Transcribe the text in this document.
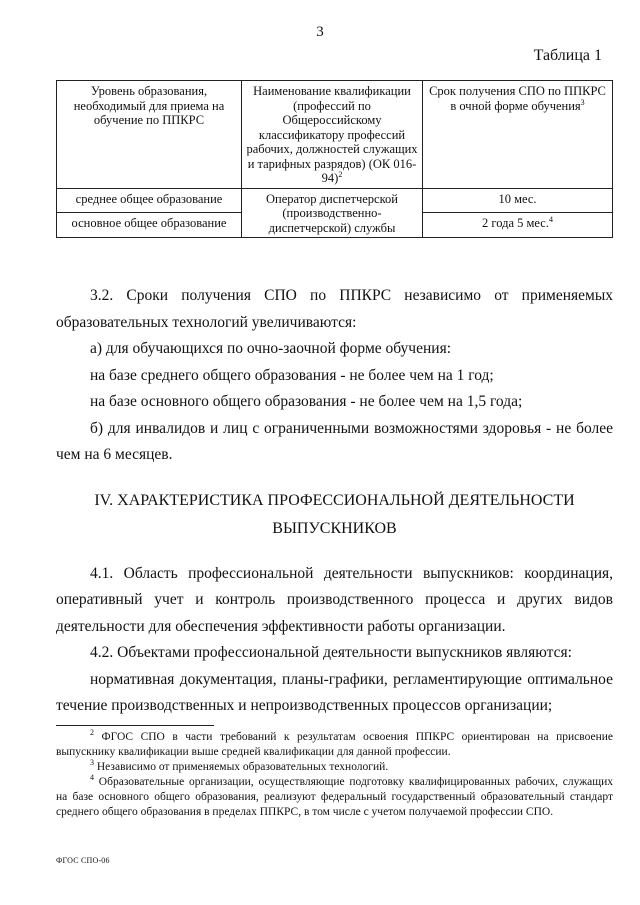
3
Таблица 1
Уровень образования, необходимый для приема на обучение по ППКРС	Наименование квалификации (профессий по Общероссийскому классификатору профессий рабочих, должностей служащих и тарифных разрядов) (ОК 016-94)$^2$	Срок получения СПО по ППКРС в очной форме обучения$^3$
среднее общее образование	Оператор диспетчерской (производственно-диспетчерской) службы	10 мес.
основное общее образование		2 года 5 мес.$^4$

3.2. Сроки получения СПО по ППКРС независимо от применяемых образовательных технологий увеличиваются:

а) для обучающихся по очно-заочной форме обучения:

на базе среднего общего образования - не более чем на 1 год;

на базе основного общего образования - не более чем на 1,5 года;

б) для инвалидов и лиц с ограниченными возможностями здоровья - не более чем на 6 месяцев.

IV. ХАРАКТЕРИСТИКА ПРОФЕССИОНАЛЬНОЙ ДЕЯТЕЛЬНОСТИ ВЫПУСКНИКОВ

4.1. Область профессиональной деятельности выпускников: координация, оперативный учет и контроль производственного процесса и других видов деятельности для обеспечения эффективности работы организации.

4.2. Объектами профессиональной деятельности выпускников являются:

нормативная документация, планы-графики, регламентирующие оптимальное течение производственных и непроизводственных процессов организации;

$^2$ ФГОС СПО в части требований к результатам освоения ППКРС ориентирован на присвоение выпускнику квалификации выше средней квалификации для данной профессии.

$^3$ Независимо от применяемых образовательных технологий.

$^4$ Образовательные организации, осуществляющие подготовку квалифицированных рабочих, служащих на базе основного общего образования, реализуют федеральный государственный образовательный стандарт среднего общего образования в пределах ППКРС, в том числе с учетом получаемой профессии СПО.

ФГОС СПО-06
